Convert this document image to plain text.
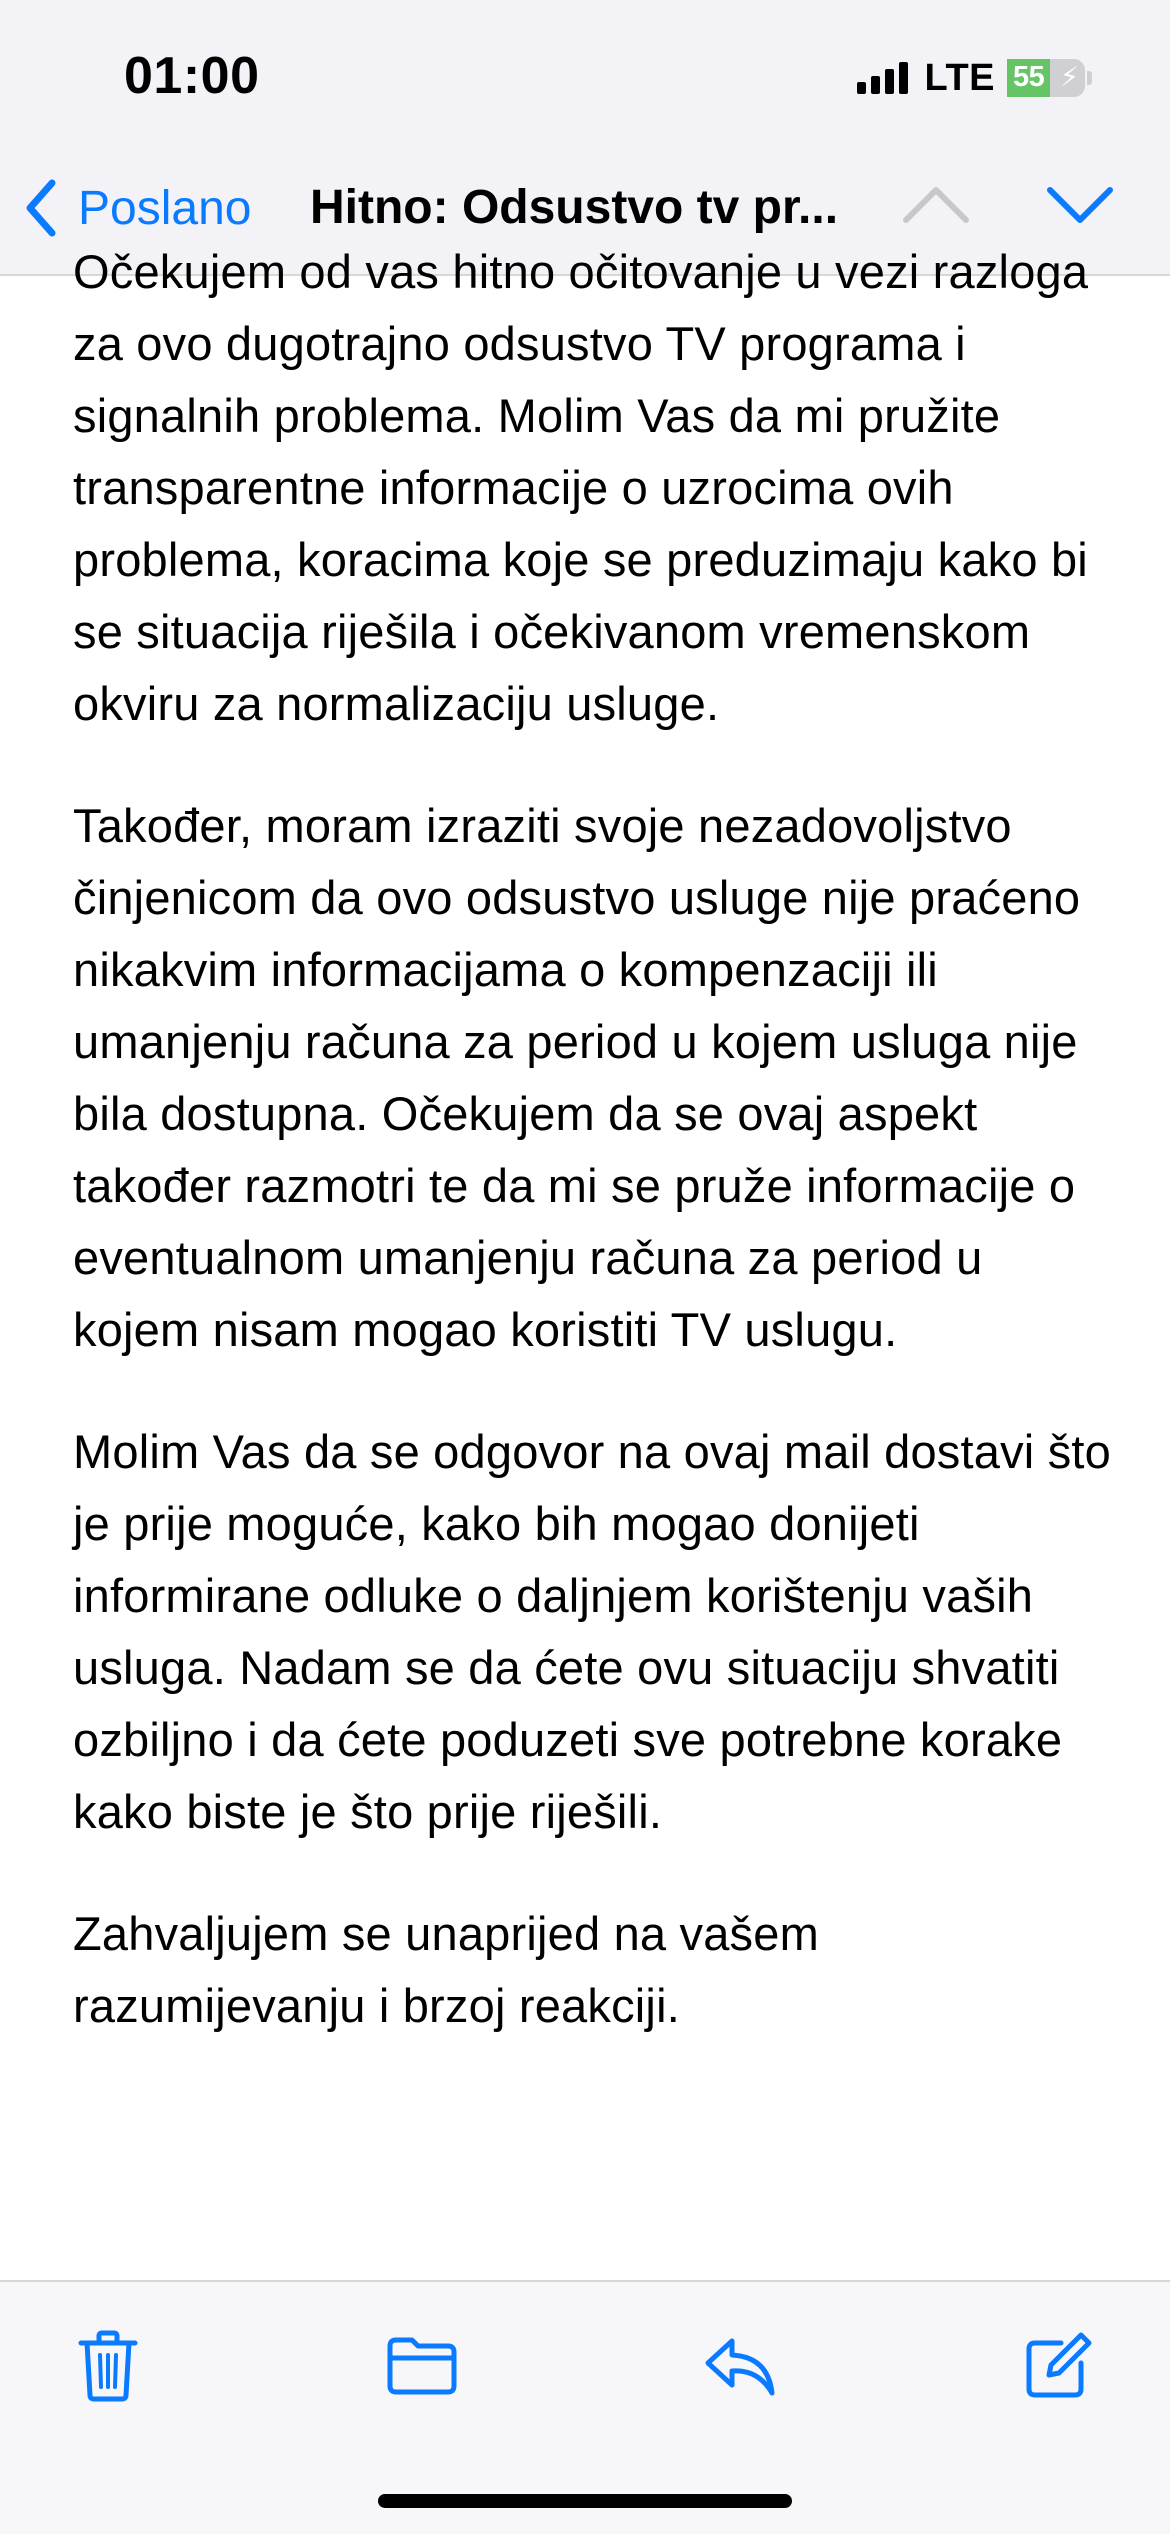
01:00	LTE 55 ⚡
Poslano Hitno: Odsustvo tv pr...

Očekujem od vas hitno očitovanje u vezi razloga za ovo dugotrajno odsustvo TV programa i signalnih problema. Molim Vas da mi pružite transparentne informacije o uzrocima ovih problema, koracima koje se preduzimaju kako bi se situacija riješila i očekivanom vremenskom okviru za normalizaciju usluge.

Također, moram izraziti svoje nezadovoljstvo činjenicom da ovo odsustvo usluge nije praćeno nikakvim informacijama o kompenzaciji ili umanjenju računa za period u kojem usluga nije bila dostupna. Očekujem da se ovaj aspekt također razmotri te da mi se pruže informacije o eventualnom umanjenju računa za period u kojem nisam mogao koristiti TV uslugu.

Molim Vas da se odgovor na ovaj mail dostavi što je prije moguće, kako bih mogao donijeti informirane odluke o daljnjem korištenju vaših usluga. Nadam se da ćete ovu situaciju shvatiti ozbiljno i da ćete poduzeti sve potrebne korake kako biste je što prije riješili.

Zahvaljujem se unaprijed na vašem razumijevanju i brzoj reakciji.
